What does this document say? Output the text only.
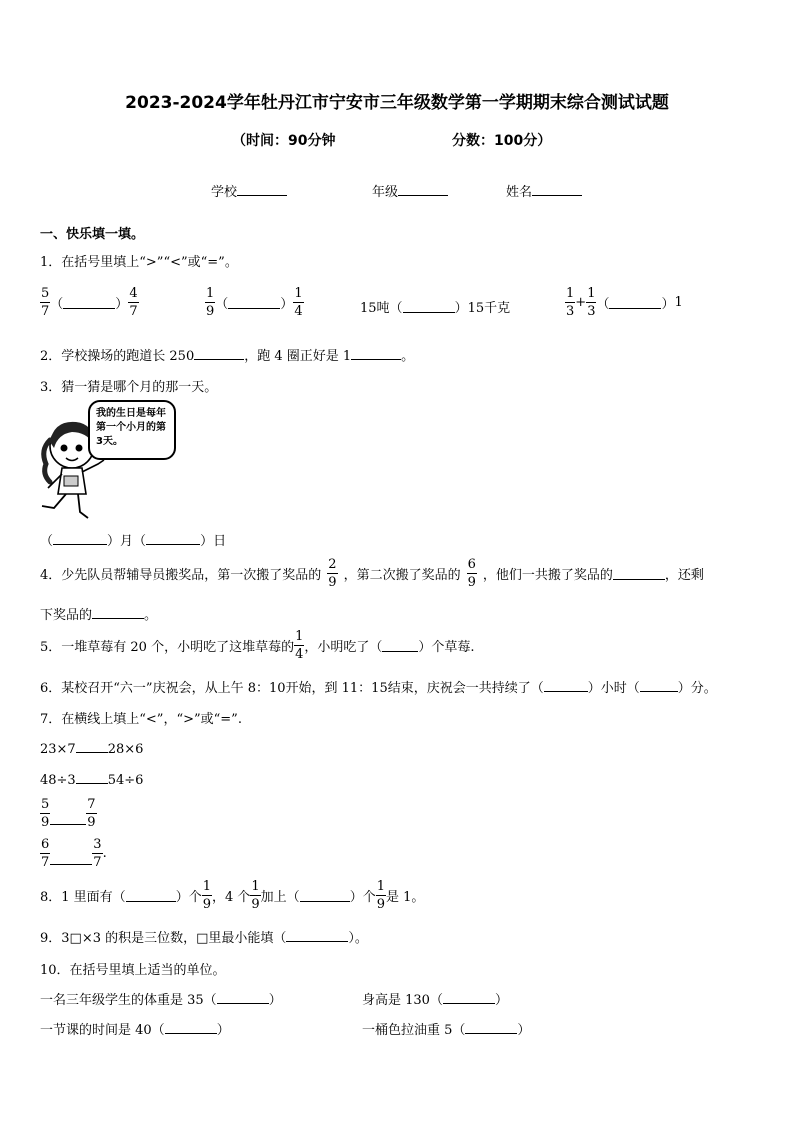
2023-2024学年牡丹江市宁安市三年级数学第一学期期末综合测试试题
（时间：90分钟	分数：100分）
学校	年级	姓名
一、快乐填一填。
1．在括号里填上“>”“<”或“=”。
$\frac{5}{7}$ （	） $\frac{4}{7}$	$\frac{1}{9}$ （	） $\frac{1}{4}$	15吨 （	） 15千克	$\frac{1}{3} + \frac{1}{3}$ （	） 1
2．学校操场的跑道长 250	，跑 4 圈正好是 1	。
3．猜一猜是哪个月的那一天。
我的生日是每年第一个小月的第3天。
（	）月（	）日
4．少先队员帮辅导员搬奖品，第一次搬了奖品的 $\frac{2}{9}$ ，第二次搬了奖品的 $\frac{6}{9}$ ，他们一共搬了奖品的	，还剩
下奖品的	。
5．一堆草莓有 20 个，小明吃了这堆草莓的 $\frac{1}{4}$ ，小明吃了（	）个草莓.
6．某校召开“六一”庆祝会，从上午 8：10开始，到 11：15结束，庆祝会一共持续了（	）小时（	）分。
7．在横线上填上“<”，“>”或“=”.
23×7 28×6
48÷3 54÷6
$\frac{5}{9}$	$\frac{7}{9}$
$\frac{6}{7}$	$\frac{3}{7}$ .
8．1 里面有（	）个 $\frac{1}{9}$ ，4 个 $\frac{1}{9}$ 加上（	）个 $\frac{1}{9}$ 是 1。
9．3□×3 的积是三位数，□里最小能填（	）。
10．在括号里填上适当的单位。
一名三年级学生的体重是 35（	）	身高是 130（	）
一节课的时间是 40（	）	一桶色拉油重 5（	）
